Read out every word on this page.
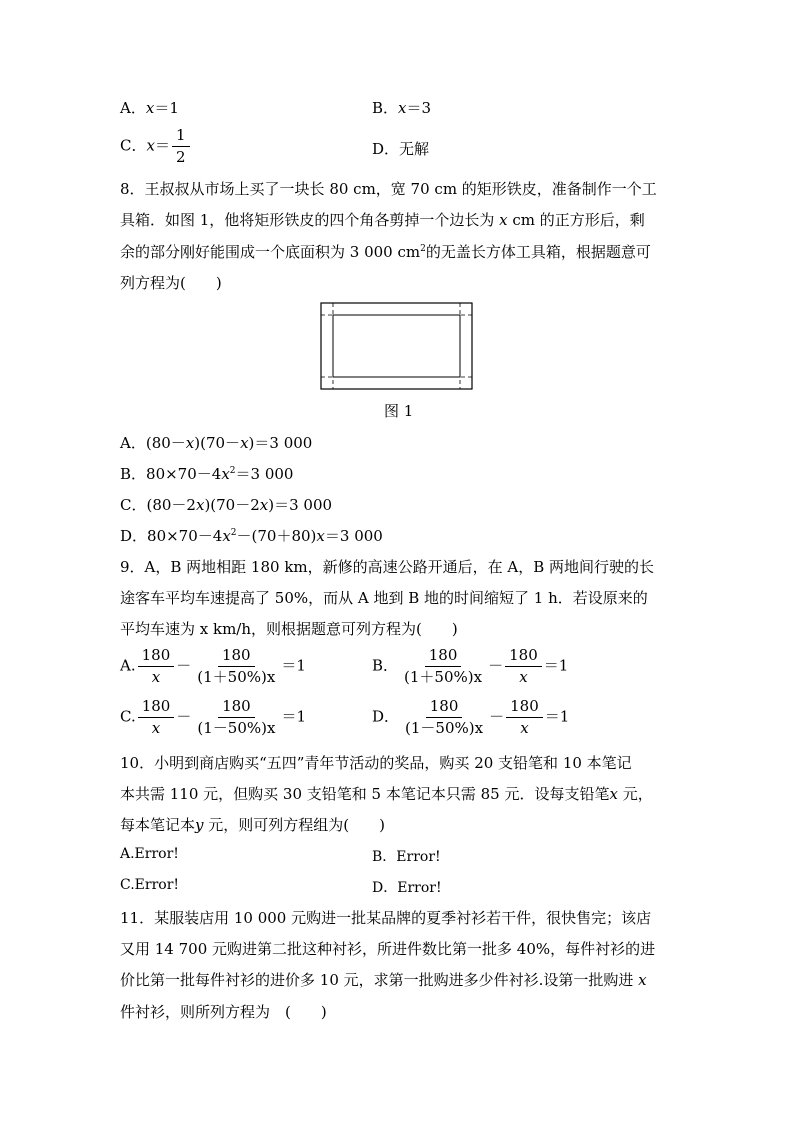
A．x＝1	B．x＝3
C．$x= \frac{1}{2}$	D．无解
8．王叔叔从市场上买了一块长 80 cm，宽 70 cm 的矩形铁皮，准备制作一个工
具箱．如图 1，他将矩形铁皮的四个角各剪掉一个边长为 x cm 的正方形后，剩
余的部分刚好能围成一个底面积为 3 000 $cm^2$的无盖长方体工具箱，根据题意可
列方程为(　　)
图 1
A．(80－x)(70－x)＝3 000
B．$80\times 70-4x^2=3$ 000
C．(80－2x)(70－2x)＝3 000
D．$80\times 70-4x^2-(70+80)x=3$ 000
9．A，B 两地相距 180 km，新修的高速公路开通后，在 A，B 两地间行驶的长
途客车平均车速提高了 50%，而从 A 地到 B 地的时间缩短了 1 h．若设原来的
平均车速为 x km/h，则根据题意可列方程为(　　)
A. $\frac{180}{x} - \frac{180}{(1+50\%)x} =1$	B． $\frac{180}{(1+50\%)x} - \frac{180}{x} =1$
C. $\frac{180}{x} - \frac{180}{(1-50\%)x} =1$	D． $\frac{180}{(1-50\%)x} - \frac{180}{x} =1$
10．小明到商店购买“五四”青年节活动的奖品，购买 20 支铅笔和 10 本笔记
本共需 110 元，但购买 30 支铅笔和 5 本笔记本只需 85 元．设每支铅笔x 元，
每本笔记本y 元，则可列方程组为(　　)
A.Error!	B．Error!
C.Error!	D．Error!
11．某服装店用 10 000 元购进一批某品牌的夏季衬衫若干件，很快售完；该店
又用 14 700 元购进第二批这种衬衫，所进件数比第一批多 40%，每件衬衫的进
价比第一批每件衬衫的进价多 10 元，求第一批购进多少件衬衫.设第一批购进 x
件衬衫，则所列方程为　(　　)
